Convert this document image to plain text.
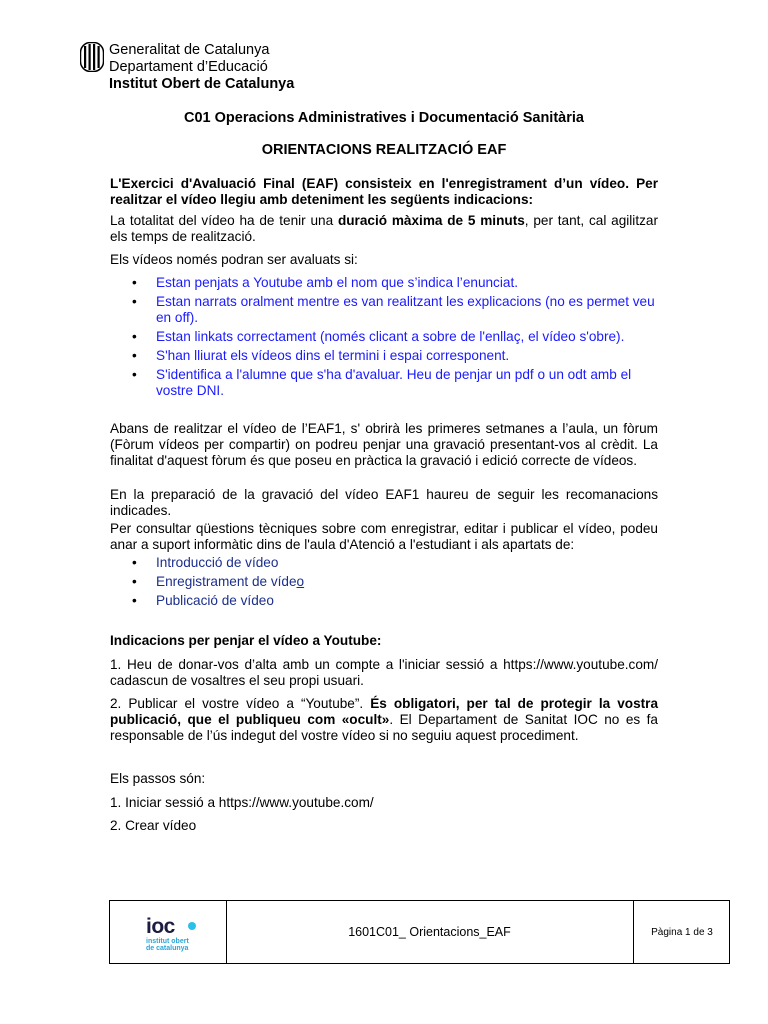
Generalitat de Catalunya
Departament d’Educació
Institut Obert de Catalunya
C01 Operacions Administratives i Documentació Sanitària
ORIENTACIONS REALITZACIÓ EAF
L'Exercici d'Avaluació Final (EAF) consisteix en l'enregistrament d’un vídeo. Per realitzar el vídeo llegiu amb deteniment les següents indicacions:
La totalitat del vídeo ha de tenir una duració màxima de 5 minuts, per tant, cal agilitzar els temps de realització.
Els vídeos només podran ser avaluats si:
• Estan penjats a Youtube amb el nom que s’indica l’enunciat.
• Estan narrats oralment mentre es van realitzant les explicacions (no es permet veu en off).
• Estan linkats correctament (només clicant a sobre de l'enllaç, el vídeo s'obre).
• S'han lliurat els vídeos dins el termini i espai corresponent.
• S'identifica a l'alumne que s'ha d'avaluar. Heu de penjar un pdf o un odt amb el vostre DNI.
Abans de realitzar el vídeo de l’EAF1, s' obrirà les primeres setmanes a l’aula, un fòrum (Fòrum vídeos per compartir) on podreu penjar una gravació presentant-vos al crèdit. La finalitat d'aquest fòrum és que poseu en pràctica la gravació i edició correcte de vídeos.
En la preparació de la gravació del vídeo EAF1 haureu de seguir les recomanacions indicades.
Per consultar qüestions tècniques sobre com enregistrar, editar i publicar el vídeo, podeu anar a suport informàtic dins de l'aula d'Atenció a l'estudiant i als apartats de:
• Introducció de vídeo
• Enregistrament de vídeo
• Publicació de vídeo
Indicacions per penjar el vídeo a Youtube:
1. Heu de donar-vos d’alta amb un compte a l'iniciar sessió a https://www.youtube.com/ cadascun de vosaltres el seu propi usuari.
2. Publicar el vostre vídeo a “Youtube”. És obligatori, per tal de protegir la vostra publicació, que el publiqueu com «ocult». El Departament de Sanitat IOC no es fa responsable de l’ús indegut del vostre vídeo si no seguiu aquest procediment.
Els passos són:
1. Iniciar sessió a https://www.youtube.com/
2. Crear vídeo
ioc
institut obert
de catalunya
1601C01_ Orientacions_EAF	Pàgina 1 de 3
